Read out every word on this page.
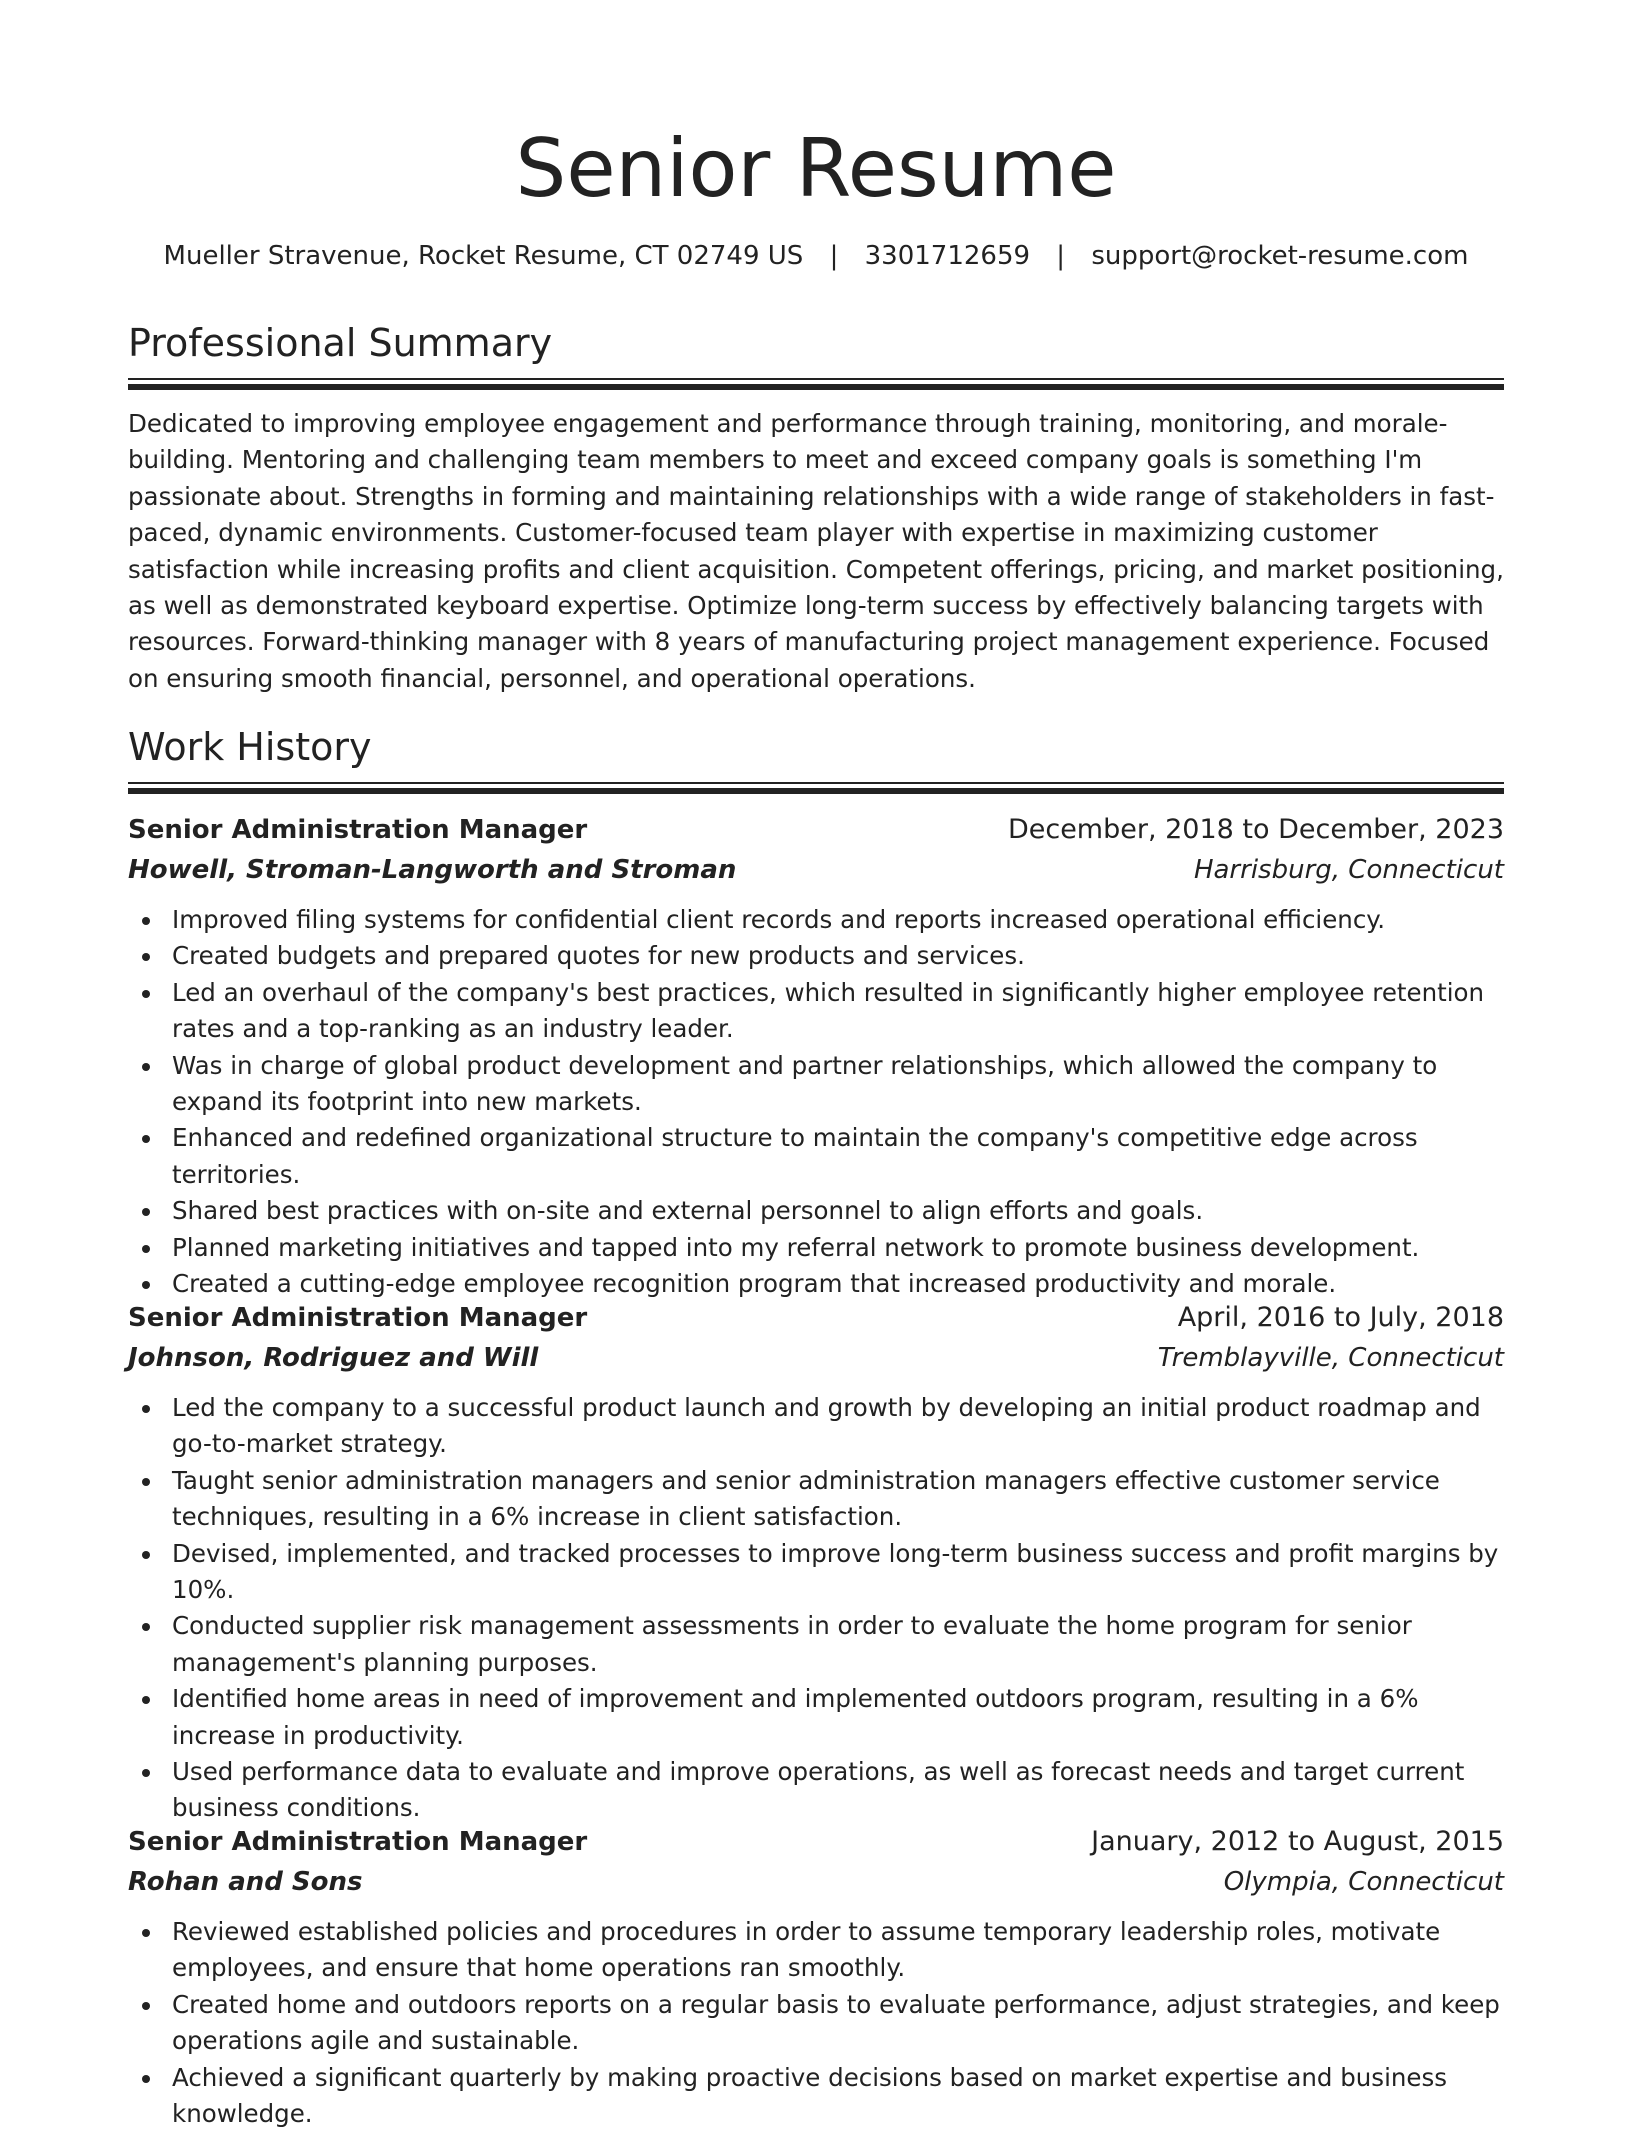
Senior Resume
Mueller Stravenue, Rocket Resume, CT 02749 US | 3301712659 | support@rocket-resume.com
Professional Summary

Dedicated to improving employee engagement and performance through training, monitoring, and morale-building. Mentoring and challenging team members to meet and exceed company goals is something I'm passionate about. Strengths in forming and maintaining relationships with a wide range of stakeholders in fast-paced, dynamic environments. Customer-focused team player with expertise in maximizing customer satisfaction while increasing profits and client acquisition. Competent offerings, pricing, and market positioning, as well as demonstrated keyboard expertise. Optimize long-term success by effectively balancing targets with resources. Forward-thinking manager with 8 years of manufacturing project management experience. Focused on ensuring smooth financial, personnel, and operational operations.

Work History
Senior Administration Manager	December, 2018 to December, 2023
Howell, Stroman-Langworth and Stroman	Harrisburg, Connecticut
Improved filing systems for confidential client records and reports increased operational efficiency.
Created budgets and prepared quotes for new products and services.
Led an overhaul of the company's best practices, which resulted in significantly higher employee retention rates and a top-ranking as an industry leader.
Was in charge of global product development and partner relationships, which allowed the company to expand its footprint into new markets.
Enhanced and redefined organizational structure to maintain the company's competitive edge across territories.
Shared best practices with on-site and external personnel to align efforts and goals.
Planned marketing initiatives and tapped into my referral network to promote business development.
Created a cutting-edge employee recognition program that increased productivity and morale.
Senior Administration Manager	April, 2016 to July, 2018
Johnson, Rodriguez and Will	Tremblayville, Connecticut
Led the company to a successful product launch and growth by developing an initial product roadmap and go-to-market strategy.
Taught senior administration managers and senior administration managers effective customer service techniques, resulting in a 6% increase in client satisfaction.
Devised, implemented, and tracked processes to improve long-term business success and profit margins by 10%.
Conducted supplier risk management assessments in order to evaluate the home program for senior management's planning purposes.
Identified home areas in need of improvement and implemented outdoors program, resulting in a 6% increase in productivity.
Used performance data to evaluate and improve operations, as well as forecast needs and target current business conditions.
Senior Administration Manager	January, 2012 to August, 2015
Rohan and Sons	Olympia, Connecticut
Reviewed established policies and procedures in order to assume temporary leadership roles, motivate employees, and ensure that home operations ran smoothly.
Created home and outdoors reports on a regular basis to evaluate performance, adjust strategies, and keep operations agile and sustainable.
Achieved a significant quarterly by making proactive decisions based on market expertise and business knowledge.
